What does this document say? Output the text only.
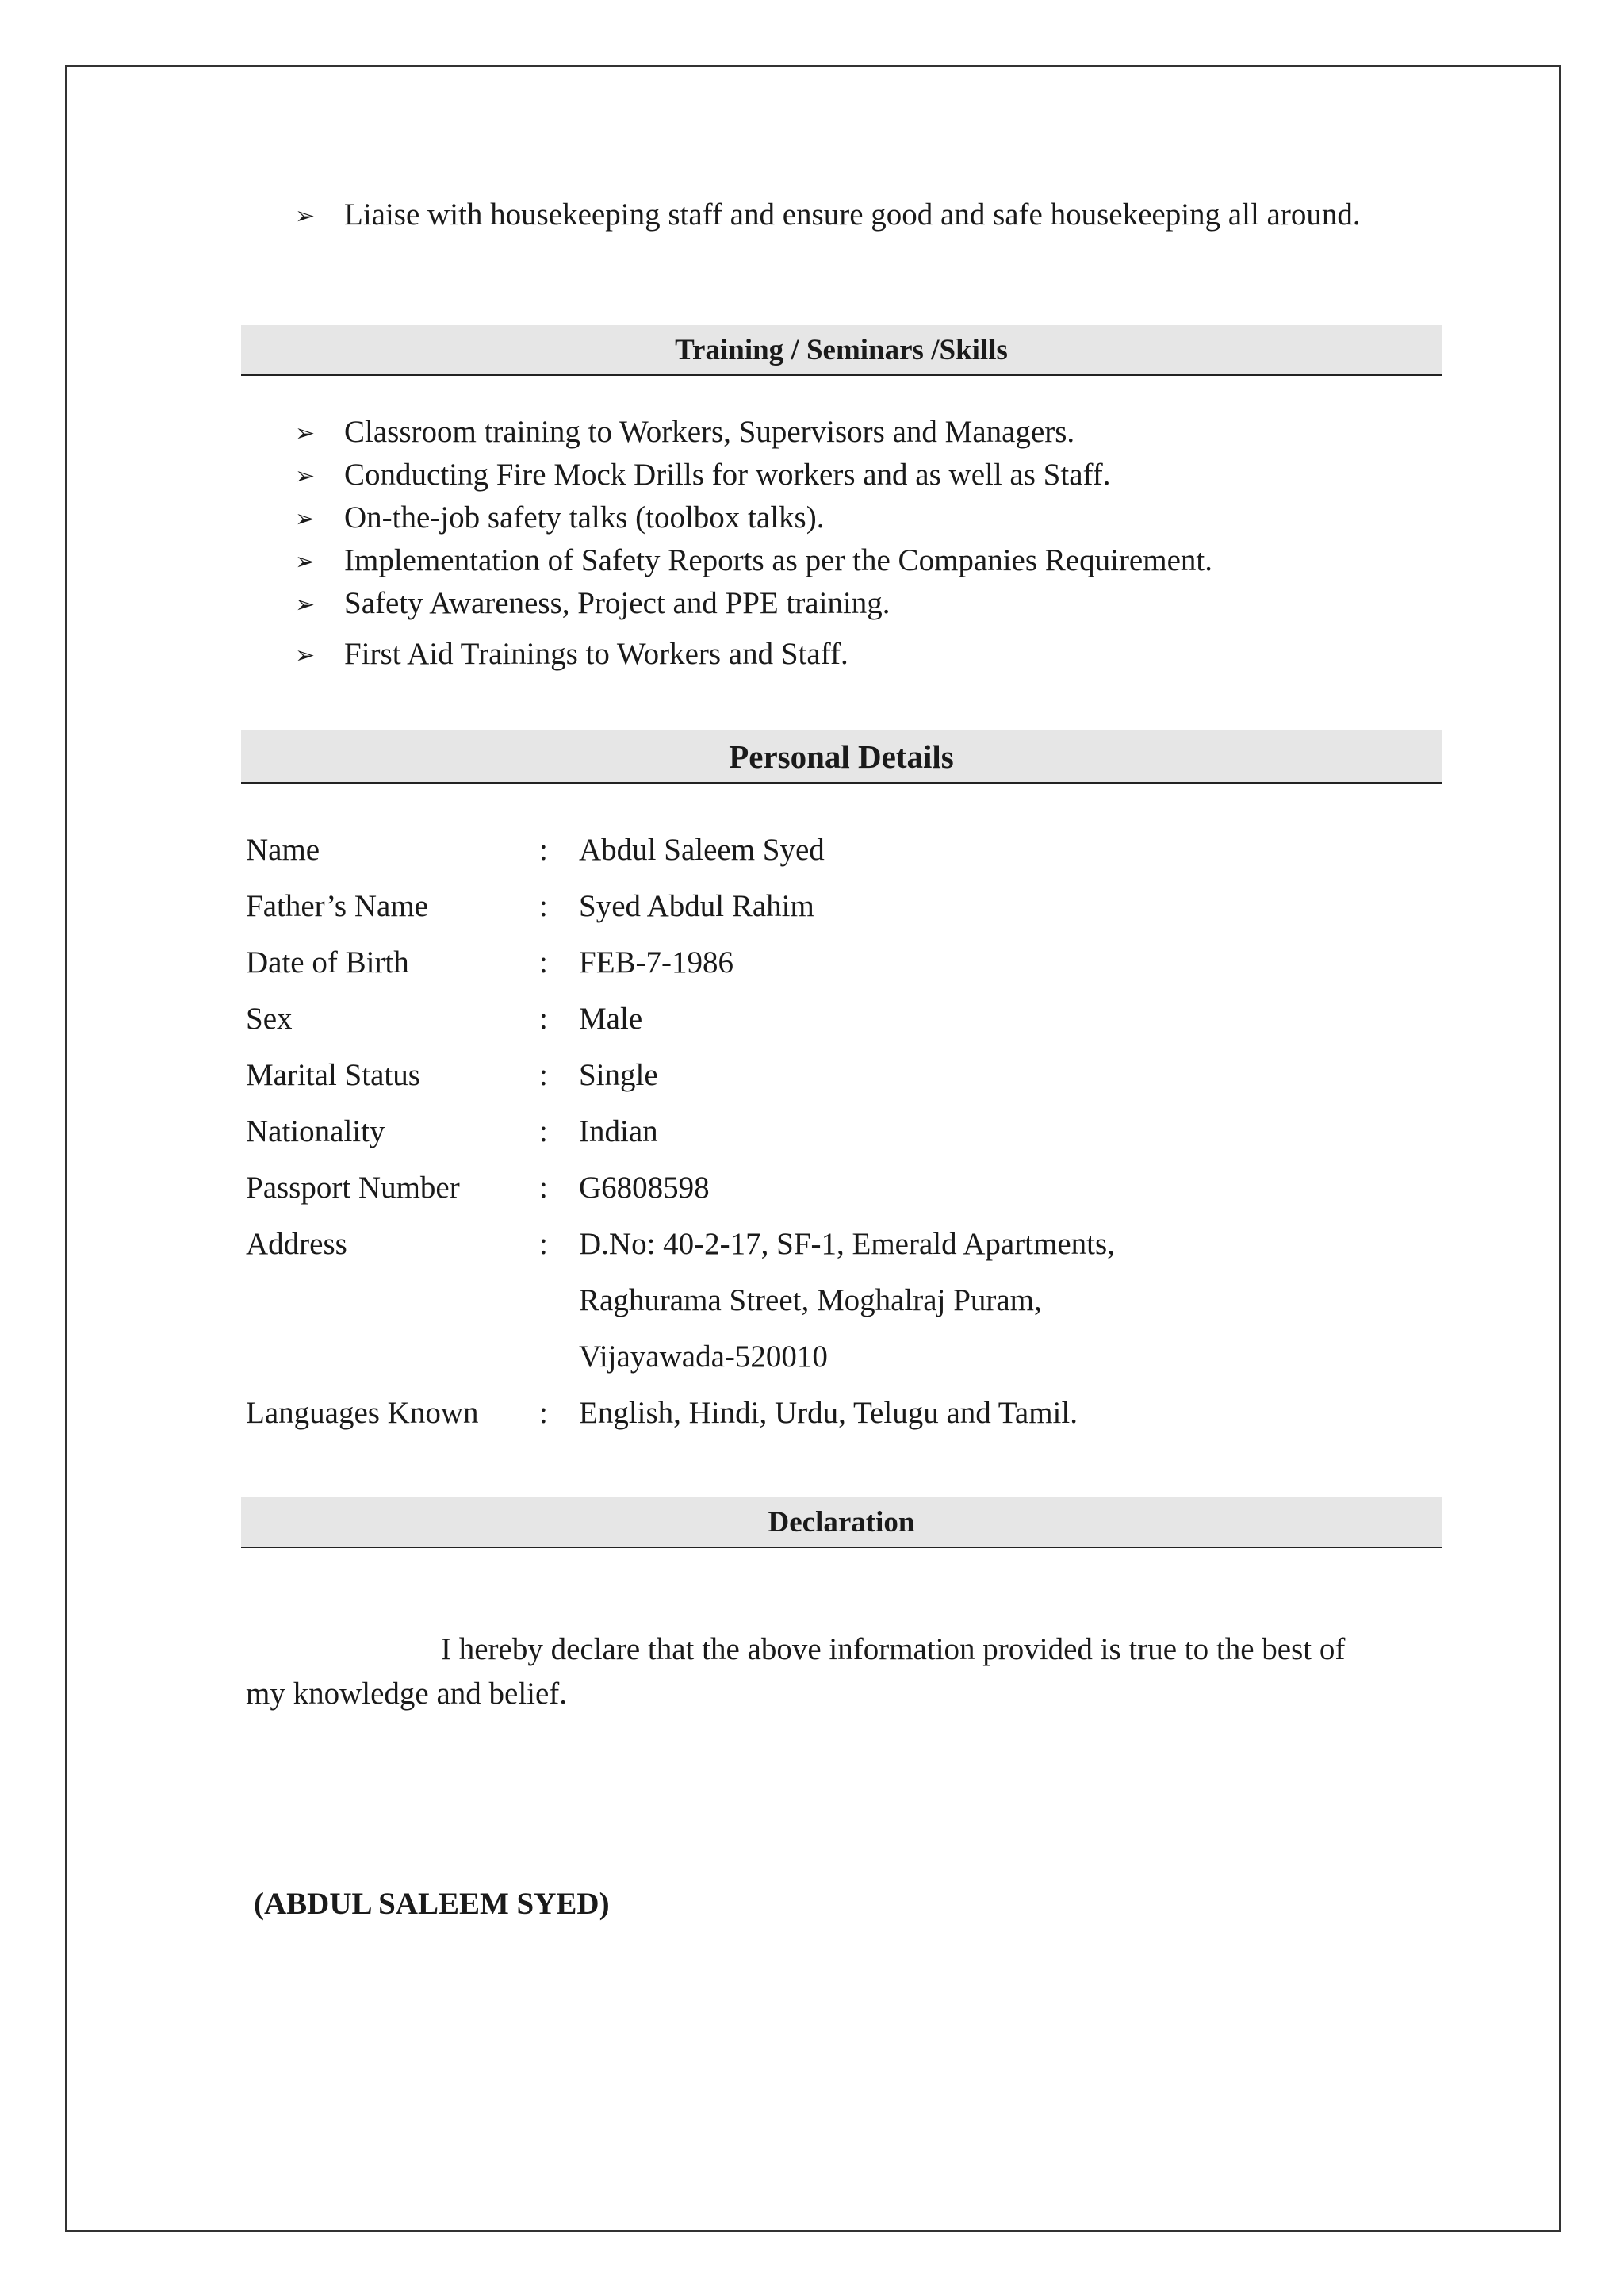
➢ Liaise with housekeeping staff and ensure good and safe housekeeping all around.
Training / Seminars /Skills
➢ Classroom training to Workers, Supervisors and Managers.
➢ Conducting Fire Mock Drills for workers and as well as Staff.
➢ On-the-job safety talks (toolbox talks).
➢ Implementation of Safety Reports as per the Companies Requirement.
➢ Safety Awareness, Project and PPE training.
➢ First Aid Trainings to Workers and Staff.
Personal Details
Name	:	Abdul Saleem Syed
Father’s Name	:	Syed Abdul Rahim
Date of Birth	:	FEB-7-1986
Sex	:	Male
Marital Status	:	Single
Nationality	:	Indian
Passport Number	:	G6808598
Address	:	D.No: 40-2-17, SF-1, Emerald Apartments,
Raghurama Street, Moghalraj Puram,
Vijayawada-520010
Languages Known	:	English, Hindi, Urdu, Telugu and Tamil.
Declaration

I hereby declare that the above information provided is true to the best of my knowledge and belief.

(ABDUL SALEEM SYED)
